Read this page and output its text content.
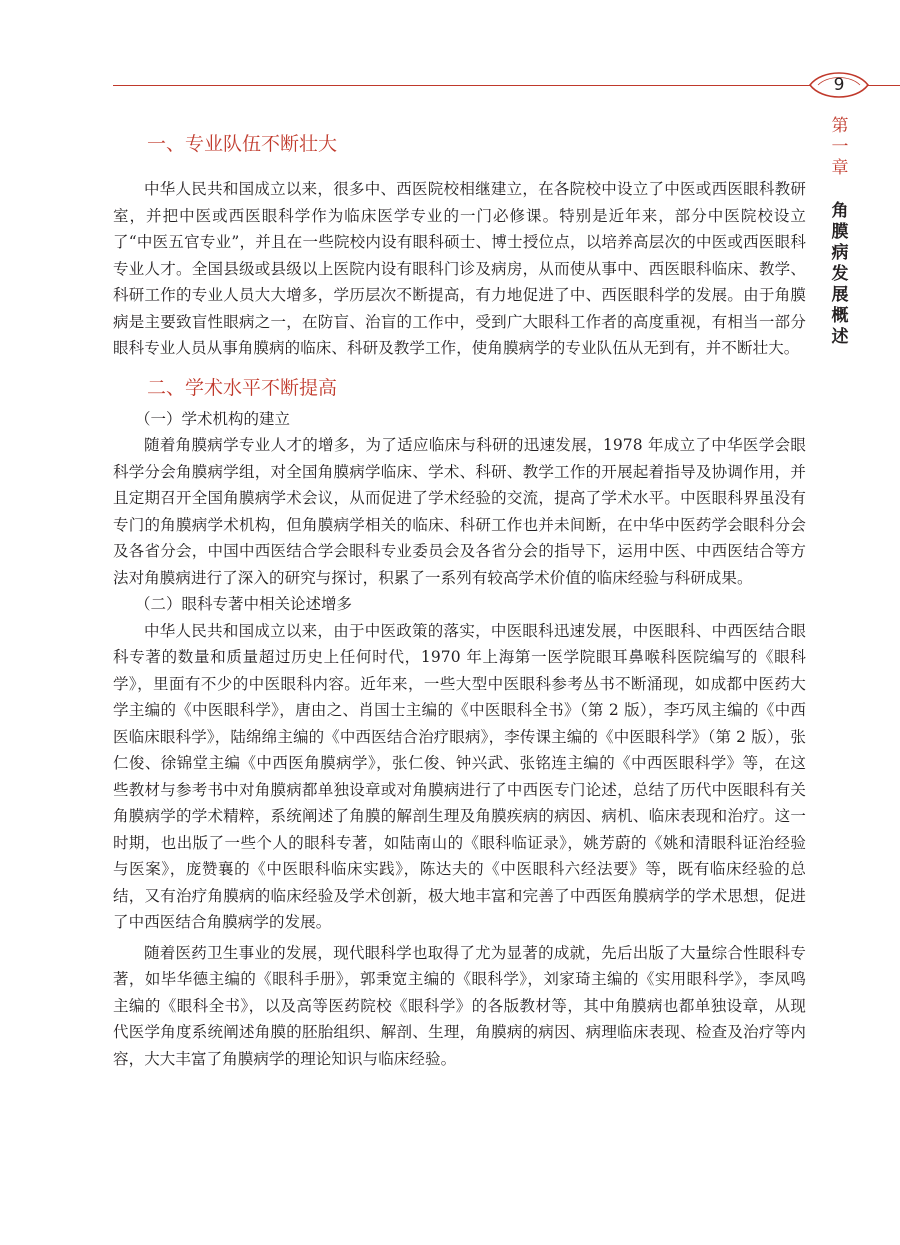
9
第
一
章
角
膜
病
发
展
概
述
一、专业队伍不断壮大

中华人民共和国成立以来，很多中、西医院校相继建立，在各院校中设立了中医或西医眼科教研室，并把中医或西医眼科学作为临床医学专业的一门必修课。特别是近年来，部分中医院校设立了“中医五官专业”，并且在一些院校内设有眼科硕士、博士授位点，以培养高层次的中医或西医眼科专业人才。全国县级或县级以上医院内设有眼科门诊及病房，从而使从事中、西医眼科临床、教学、科研工作的专业人员大大增多，学历层次不断提高，有力地促进了中、西医眼科学的发展。由于角膜病是主要致盲性眼病之一，在防盲、治盲的工作中，受到广大眼科工作者的高度重视，有相当一部分眼科专业人员从事角膜病的临床、科研及教学工作，使角膜病学的专业队伍从无到有，并不断壮大。

二、学术水平不断提高
（一）学术机构的建立

随着角膜病学专业人才的增多，为了适应临床与科研的迅速发展，1978 年成立了中华医学会眼科学分会角膜病学组，对全国角膜病学临床、学术、科研、教学工作的开展起着指导及协调作用，并且定期召开全国角膜病学术会议，从而促进了学术经验的交流，提高了学术水平。中医眼科界虽没有专门的角膜病学术机构，但角膜病学相关的临床、科研工作也并未间断，在中华中医药学会眼科分会及各省分会，中国中西医结合学会眼科专业委员会及各省分会的指导下，运用中医、中西医结合等方法对角膜病进行了深入的研究与探讨，积累了一系列有较高学术价值的临床经验与科研成果。

（二）眼科专著中相关论述增多

中华人民共和国成立以来，由于中医政策的落实，中医眼科迅速发展，中医眼科、中西医结合眼科专著的数量和质量超过历史上任何时代，1970 年上海第一医学院眼耳鼻喉科医院编写的《眼科学》，里面有不少的中医眼科内容。近年来，一些大型中医眼科参考丛书不断涌现，如成都中医药大学主编的《中医眼科学》，唐由之、肖国士主编的《中医眼科全书》（第 2 版），李巧凤主编的《中西医临床眼科学》，陆绵绵主编的《中西医结合治疗眼病》，李传课主编的《中医眼科学》（第 2 版），张仁俊、徐锦堂主编《中西医角膜病学》，张仁俊、钟兴武、张铭连主编的《中西医眼科学》等，在这些教材与参考书中对角膜病都单独设章或对角膜病进行了中西医专门论述，总结了历代中医眼科有关角膜病学的学术精粹，系统阐述了角膜的解剖生理及角膜疾病的病因、病机、临床表现和治疗。这一时期，也出版了一些个人的眼科专著，如陆南山的《眼科临证录》，姚芳蔚的《姚和清眼科证治经验与医案》，庞赞襄的《中医眼科临床实践》，陈达夫的《中医眼科六经法要》等，既有临床经验的总结，又有治疗角膜病的临床经验及学术创新，极大地丰富和完善了中西医角膜病学的学术思想，促进了中西医结合角膜病学的发展。

随着医药卫生事业的发展，现代眼科学也取得了尤为显著的成就，先后出版了大量综合性眼科专著，如毕华德主编的《眼科手册》，郭秉宽主编的《眼科学》，刘家琦主编的《实用眼科学》，李凤鸣主编的《眼科全书》，以及高等医药院校《眼科学》的各版教材等，其中角膜病也都单独设章，从现代医学角度系统阐述角膜的胚胎组织、解剖、生理，角膜病的病因、病理临床表现、检查及治疗等内容，大大丰富了角膜病学的理论知识与临床经验。
